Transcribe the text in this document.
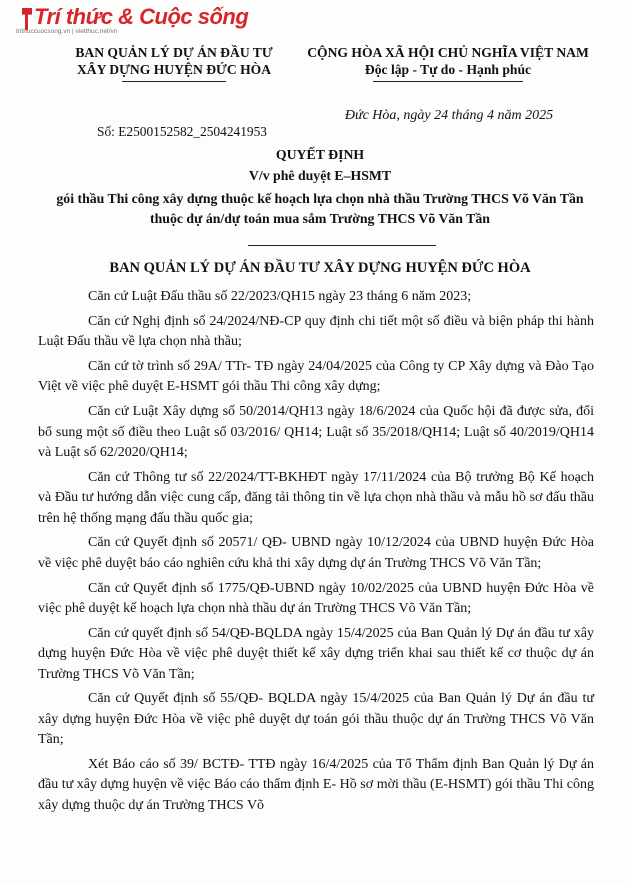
Trí thức & Cuộc sống
trithuccuocsong.vn | vietthuc.net/vn
BAN QUẢN LÝ DỰ ÁN ĐẦU TƯ XÂY DỰNG HUYỆN ĐỨC HÒA
CỘNG HÒA XÃ HỘI CHỦ NGHĨA VIỆT NAM
Độc lập - Tự do - Hạnh phúc
Đức Hòa, ngày 24 tháng 4 năm 2025
Số: E2500152582_2504241953
QUYẾT ĐỊNH
V/v phê duyệt E–HSMT
gói thầu Thi công xây dựng thuộc kế hoạch lựa chọn nhà thầu Trường THCS Võ Văn Tần thuộc dự án/dự toán mua sắm Trường THCS Võ Văn Tần
BAN QUẢN LÝ DỰ ÁN ĐẦU TƯ XÂY DỰNG HUYỆN ĐỨC HÒA

Căn cứ Luật Đấu thầu số 22/2023/QH15 ngày 23 tháng 6 năm 2023;

Căn cứ Nghị định số 24/2024/NĐ-CP quy định chi tiết một số điều và biện pháp thi hành Luật Đấu thầu về lựa chọn nhà thầu;

Căn cứ tờ trình số 29A/ TTr- TĐ ngày 24/04/2025 của Công ty CP Xây dựng và Đào Tạo Việt về việc phê duyệt E-HSMT gói thầu Thi công xây dựng;

Căn cứ Luật Xây dựng số 50/2014/QH13 ngày 18/6/2024 của Quốc hội đã được sửa, đổi bổ sung một số điều theo Luật số 03/2016/ QH14; Luật số 35/2018/QH14; Luật số 40/2019/QH14 và Luật số 62/2020/QH14;

Căn cứ Thông tư số 22/2024/TT-BKHĐT ngày 17/11/2024 của Bộ trưởng Bộ Kế hoạch và Đầu tư hướng dẫn việc cung cấp, đăng tải thông tin về lựa chọn nhà thầu và mẫu hồ sơ đấu thầu trên hệ thống mạng đấu thầu quốc gia;

Căn cứ Quyết định số 20571/ QĐ- UBND ngày 10/12/2024 của UBND huyện Đức Hòa về việc phê duyệt báo cáo nghiên cứu khả thi xây dựng dự án Trường THCS Võ Văn Tần;

Căn cứ Quyết định số 1775/QĐ-UBND ngày 10/02/2025 của UBND huyện Đức Hòa về việc phê duyệt kế hoạch lựa chọn nhà thầu dự án Trường THCS Võ Văn Tần;

Căn cứ quyết định số 54/QĐ-BQLDA ngày 15/4/2025 của Ban Quản lý Dự án đầu tư xây dựng huyện Đức Hòa về việc phê duyệt thiết kế xây dựng triển khai sau thiết kế cơ thuộc dự án Trường THCS Võ Văn Tần;

Căn cứ Quyết định số 55/QĐ- BQLDA ngày 15/4/2025 của Ban Quản lý Dự án đầu tư xây dựng huyện Đức Hòa về việc phê duyệt dự toán gói thầu thuộc dự án Trường THCS Võ Văn Tần;

Xét Báo cáo số 39/ BCTĐ- TTĐ ngày 16/4/2025 của Tổ Thẩm định Ban Quản lý Dự án đầu tư xây dựng huyện về việc Báo cáo thẩm định E- Hồ sơ mời thầu (E-HSMT) gói thầu Thi công xây dựng thuộc dự án Trường THCS Võ
